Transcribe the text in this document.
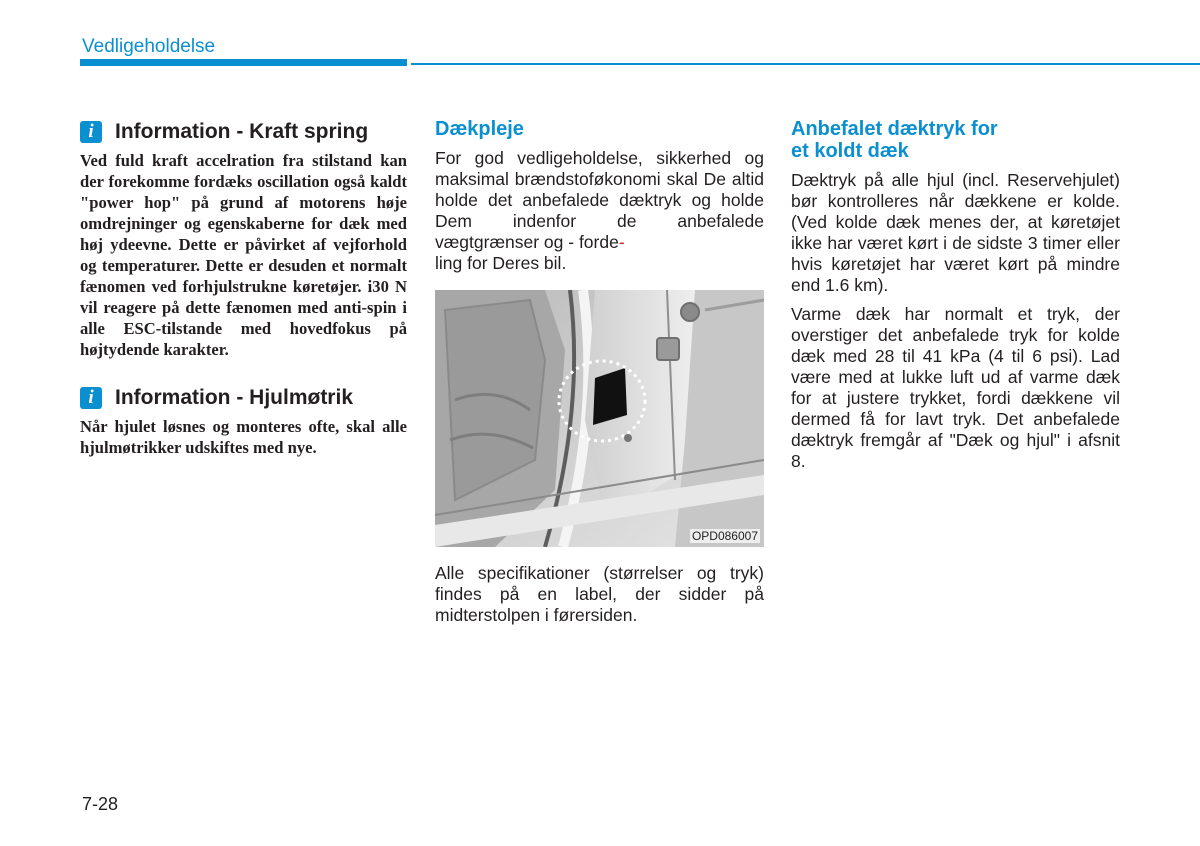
Vedligeholdelse
i	Information - Kraft spring

Ved fuld kraft accelration fra stilstand kan der forekomme fordæks oscillation også kaldt "power hop" på grund af motorens høje omdrejninger og egenskaberne for dæk med høj ydeevne. Dette er påvirket af vejforhold og temperaturer. Dette er desuden et normalt fænomen ved forhjulstrukne køretøjer. i30 N vil reagere på dette fænomen med anti-spin i alle ESC-tilstande med hovedfokus på højtydende karakter.

i	Information - Hjulmøtrik

Når hjulet løsnes og monteres ofte, skal alle hjulmøtrikker udskiftes med nye.

Dækpleje

For god vedligeholdelse, sikkerhed og maksimal brændstoføkonomi skal De altid holde det anbefalede dæktryk og holde Dem indenfor de anbefalede vægtgrænser og - forde-
ling for Deres bil.

OPD086007

Alle specifikationer (størrelser og tryk) findes på en label, der sidder på midterstolpen i førersiden.

Anbefalet dæktryk for
et koldt dæk

Dæktryk på alle hjul (incl. Reservehjulet) bør kontrolleres når dækkene er kolde. (Ved kolde dæk menes der, at køretøjet ikke har været kørt i de sidste 3 timer eller hvis køretøjet har været kørt på mindre end 1.6 km).

Varme dæk har normalt et tryk, der overstiger det anbefalede tryk for kolde dæk med 28 til 41 kPa (4 til 6 psi). Lad være med at lukke luft ud af varme dæk for at justere trykket, fordi dækkene vil dermed få for lavt tryk. Det anbefalede dæktryk fremgår af "Dæk og hjul" i afsnit 8.

7-28
